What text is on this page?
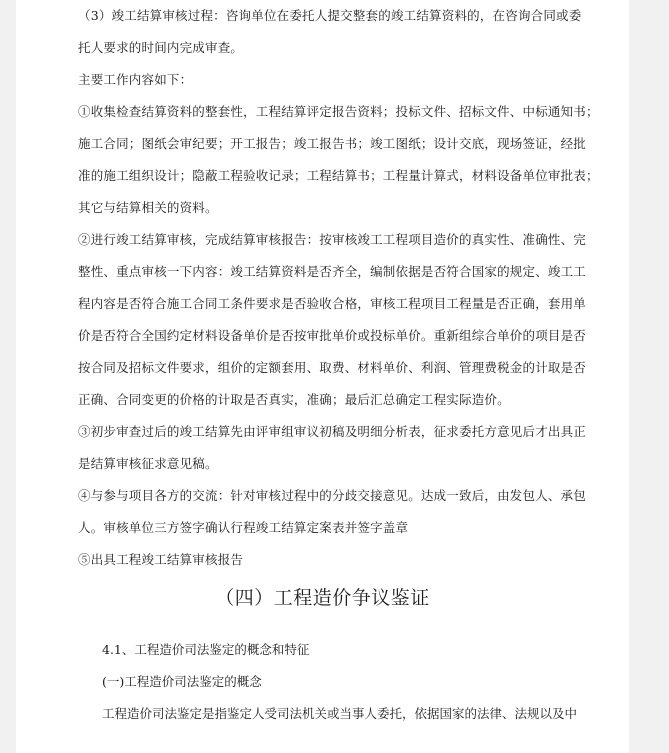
（3）竣工结算审核过程：咨询单位在委托人提交整套的竣工结算资料的，在咨询合同或委
托人要求的时间内完成审查。
主要工作内容如下：
①收集检查结算资料的整套性，工程结算评定报告资料；投标文件、招标文件、中标通知书；
施工合同；图纸会审纪要；开工报告；竣工报告书；竣工图纸；设计交底，现场签证，经批
准的施工组织设计；隐蔽工程验收记录；工程结算书；工程量计算式，材料设备单位审批表；
其它与结算相关的资料。
②进行竣工结算审核，完成结算审核报告：按审核竣工工程项目造价的真实性、准确性、完
整性、重点审核一下内容：竣工结算资料是否齐全，编制依据是否符合国家的规定、竣工工
程内容是否符合施工合同工条件要求是否验收合格，审核工程项目工程量是否正确，套用单
价是否符合全国约定材料设备单价是否按审批单价或投标单价。重新组综合单价的项目是否
按合同及招标文件要求，组价的定额套用、取费、材料单价、利润、管理费税金的计取是否
正确、合同变更的价格的计取是否真实，准确；最后汇总确定工程实际造价。
③初步审查过后的竣工结算先由评审组审议初稿及明细分析表，征求委托方意见后才出具正
是结算审核征求意见稿。
④与参与项目各方的交流：针对审核过程中的分歧交接意见。达成一致后，由发包人、承包
人。审核单位三方签字确认行程竣工结算定案表并签字盖章
⑤出具工程竣工结算审核报告
（四）工程造价争议鉴证
4.1、工程造价司法鉴定的概念和特征
(一)工程造价司法鉴定的概念
工程造价司法鉴定是指鉴定人受司法机关或当事人委托，依据国家的法律、法规以及中
